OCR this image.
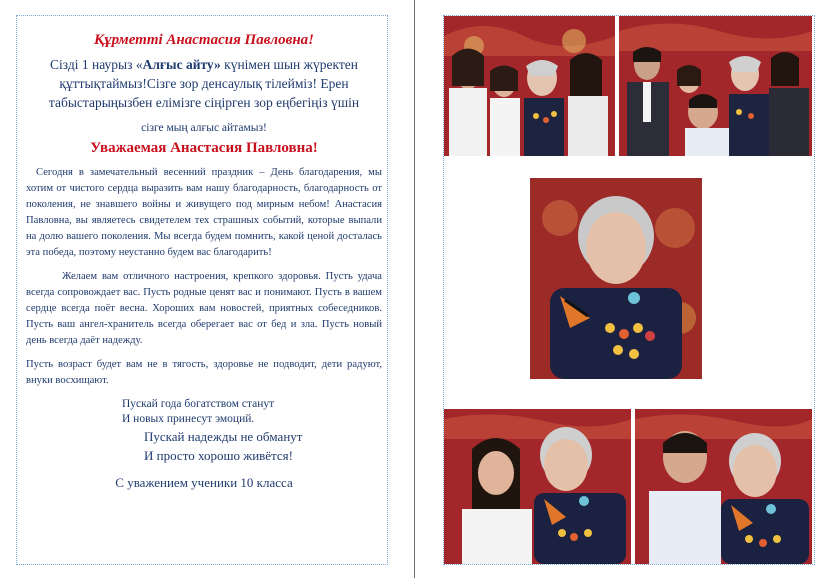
Құрметті Анастасия Павловна!

Сізді 1 наурыз «Алғыс айту» күнімен шын жүректен құттықтаймыз!Сізге зор денсаулық тілейміз! Ерен табыстарыңызбен елімізге сіңірген зор еңбегіңіз үшін

сізге мың алғыс айтамыз!

Уважаемая Анастасия Павловна!

Сегодня в замечательный весенний праздник – День благодарения, мы хотим от чистого сердца выразить вам нашу благодарность, благодарность от поколения, не знавшего войны и живущего под мирным небом! Анастасия Павловна, вы являетесь свидетелем тех страшных событий, которые выпали на долю вашего поколения. Мы всегда будем помнить, какой ценой досталась эта победа, поэтому неустанно будем вас благодарить!

Желаем вам отличного настроения, крепкого здоровья. Пусть удача всегда сопровождает вас. Пусть родные ценят вас и понимают. Пусть в вашем сердце всегда поёт весна. Хороших вам новостей, приятных собеседников. Пусть ваш ангел-хранитель всегда оберегает вас от бед и зла. Пусть новый день всегда даёт надежду.

Пусть возраст будет вам не в тягость, здоровье не подводит, дети радуют, внуки восхищают.

Пускай года богатством станут

И новых принесут эмоций.

Пускай надежды не обманут

И просто хорошо живётся!

С уважением ученики 10 класса
